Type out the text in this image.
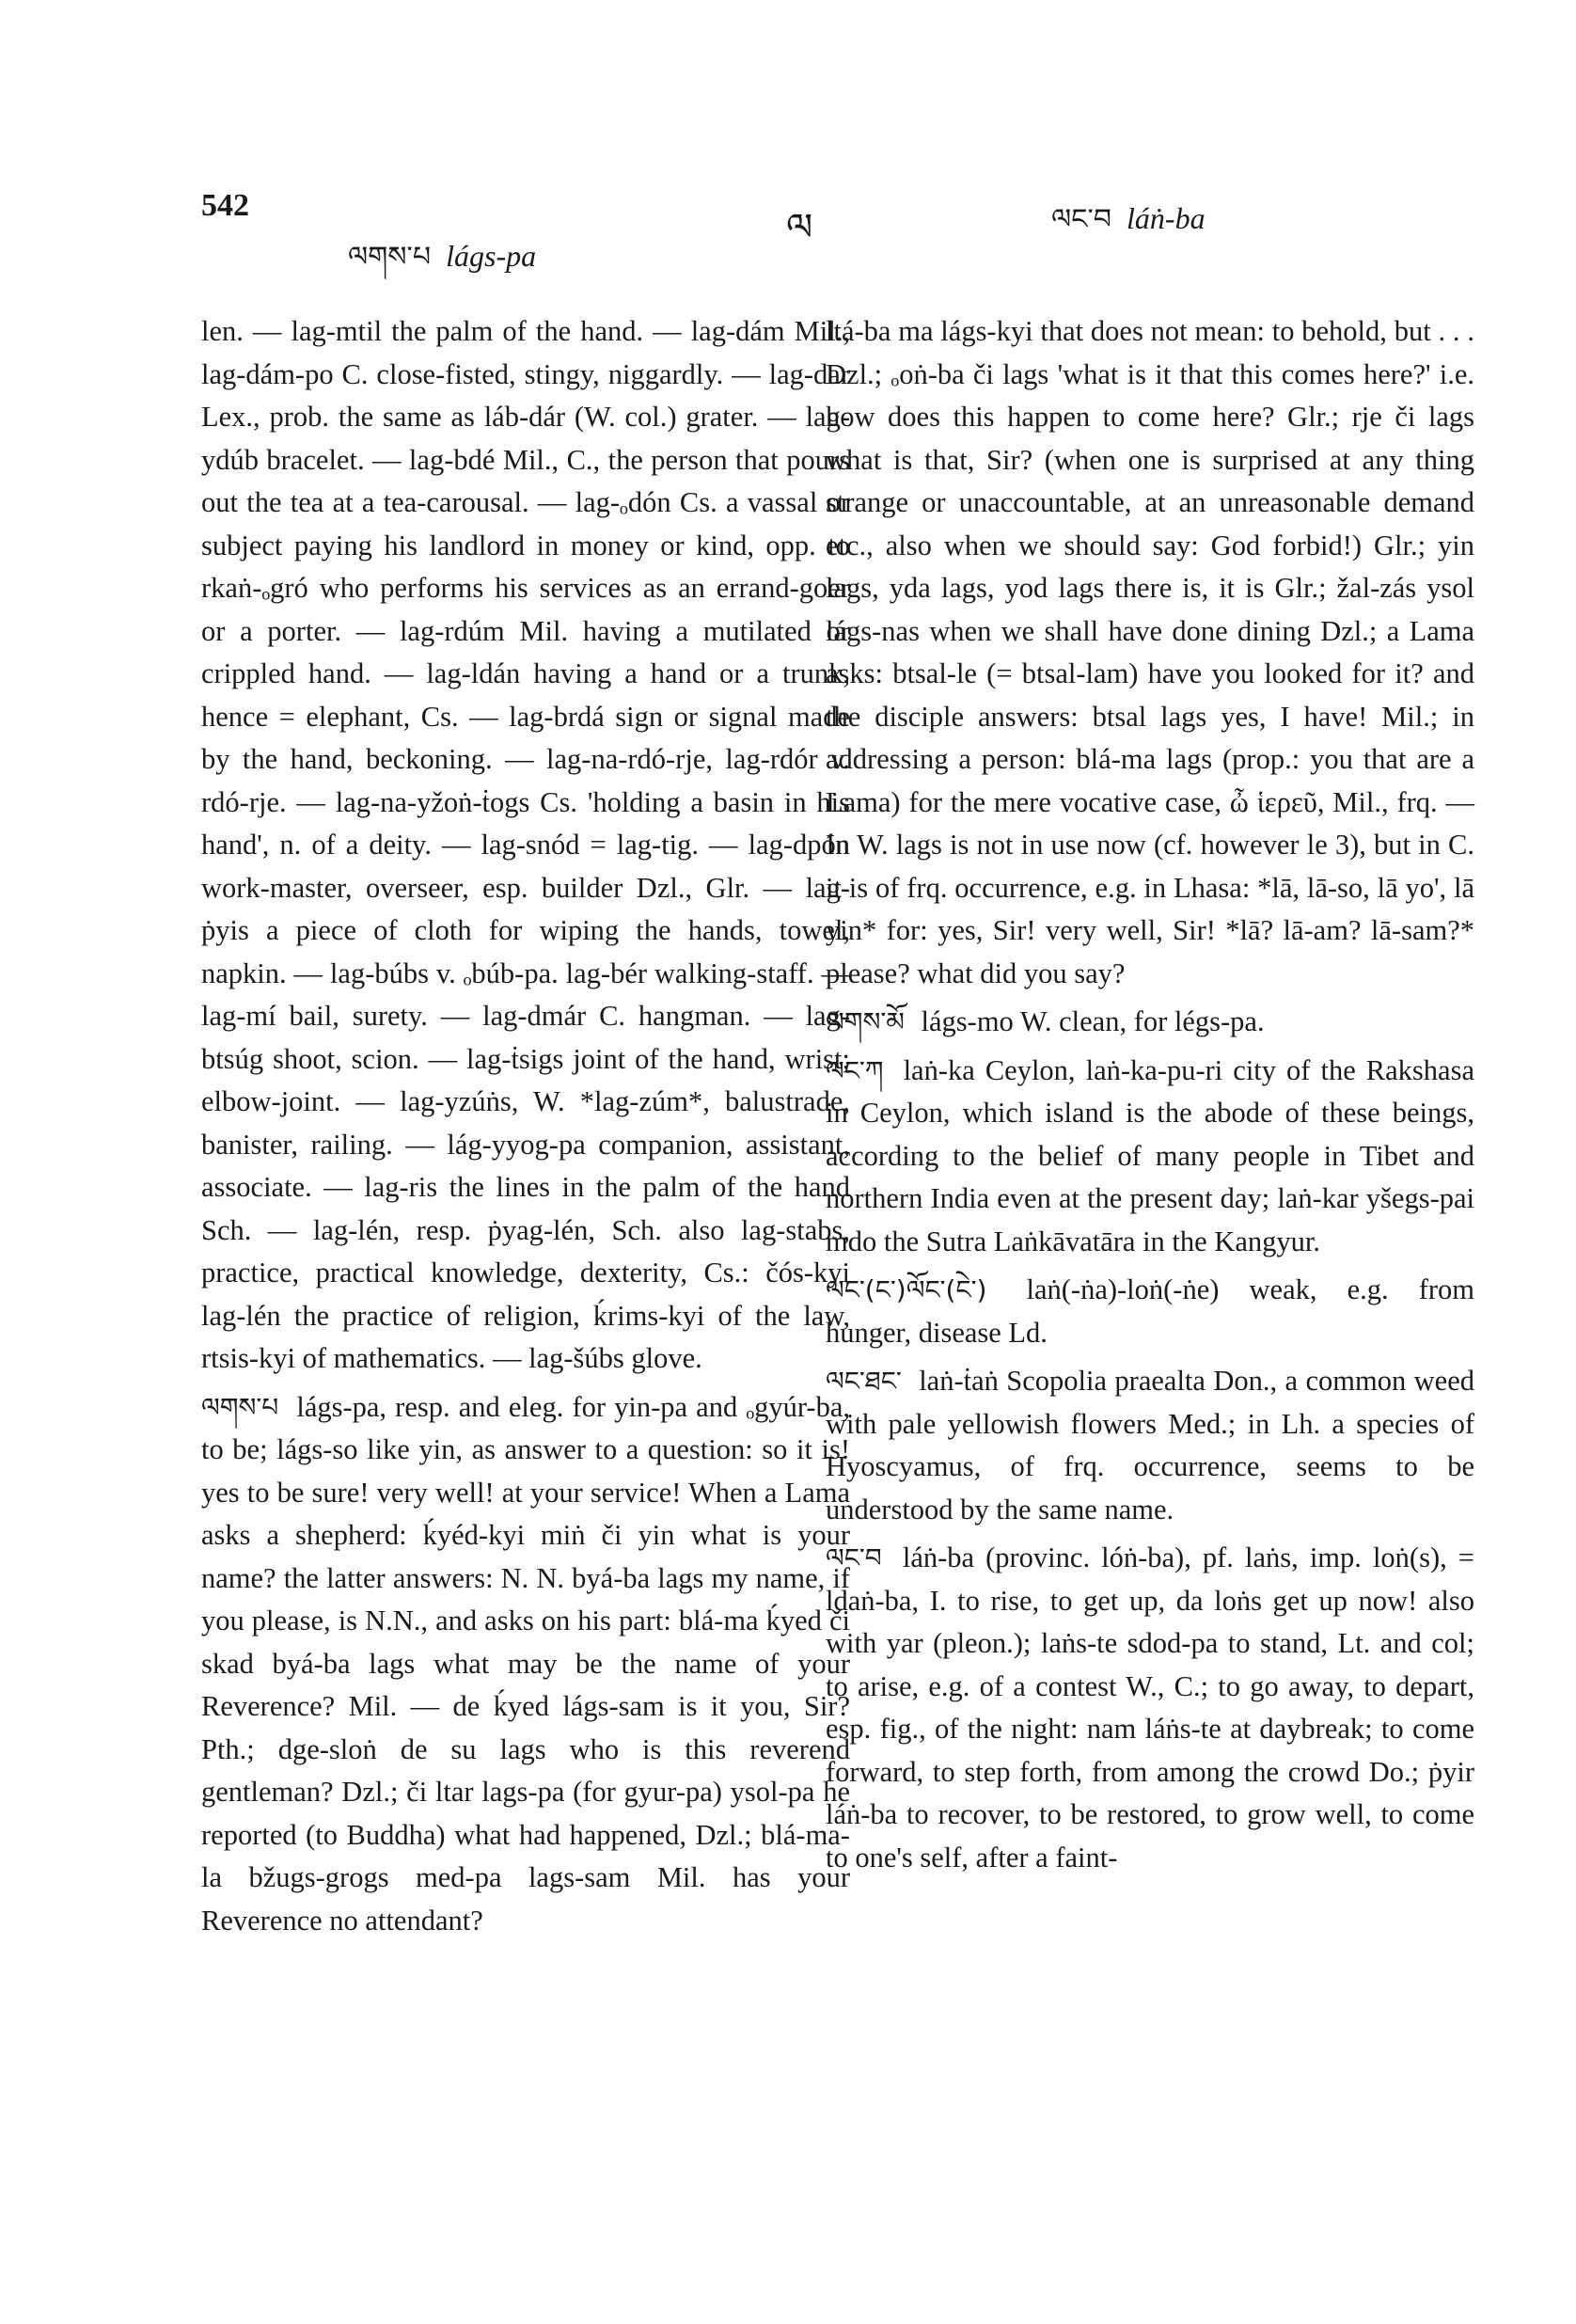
542
ལ
ལགས་པ lágs-pa
ལང་བ láṅ-ba

len. — lag-mtil the palm of the hand. — lag-dám Mil., lag-dám-po C. close-fisted, stingy, niggardly. — lag-dar Lex., prob. the same as láb-dár (W. col.) grater. — lag-ydúb bracelet. — lag-bdé Mil., C., the person that pours out the tea at a tea-carousal. — lag-ₒdón Cs. a vassal or subject paying his landlord in money or kind, opp. to rkaṅ-ₒgró who performs his services as an errand-goer or a porter. — lag-rdúm Mil. having a mutilated or crippled hand. — lag-ldán having a hand or a trunk, hence = elephant, Cs. — lag-brdá sign or signal made by the hand, beckoning. — lag-na-rdó-rje, lag-rdór v. rdó-rje. — lag-na-yžoṅ-ṫogs Cs. 'holding a basin in his hand', n. of a deity. — lag-snód = lag-tig. — lag-dpón work-master, overseer, esp. builder Dzl., Glr. — lag-ṗyis a piece of cloth for wiping the hands, towel, napkin. — lag-búbs v. ₒbúb-pa. lag-bér walking-staff. — lag-mí bail, surety. — lag-dmár C. hangman. — lag-btsúg shoot, scion. — lag-ṫsigs joint of the hand, wrist; elbow-joint. — lag-yzúṅs, W. *lag-zúm*, balustrade, banister, railing. — lág-yyog-pa companion, assistant, associate. — lag-ris the lines in the palm of the hand Sch. — lag-lén, resp. ṗyag-lén, Sch. also lag-stabs, practice, practical knowledge, dexterity, Cs.: čós-kyi lag-lén the practice of religion, ḱrims-kyi of the law, rtsis-kyi of mathematics. — lag-šúbs glove.

ལགས་པ lágs-pa, resp. and eleg. for yin-pa and ₒgyúr-ba, to be; lágs-so like yin, as answer to a question: so it is! yes to be sure! very well! at your service! When a Lama asks a shepherd: ḱyéd-kyi miṅ či yin what is your name? the latter answers: N. N. byá-ba lags my name, if you please, is N.N., and asks on his part: blá-ma ḱyed či skad byá-ba lags what may be the name of your Reverence? Mil. — de ḱyed lágs-sam is it you, Sir? Pth.; dge-sloṅ de su lags who is this reverend gentleman? Dzl.; či ltar lags-pa (for gyur-pa) ysol-pa he reported (to Buddha) what had happened, Dzl.; blá-ma-la bžugs-grogs med-pa lags-sam Mil. has your Reverence no attendant?

ltá-ba ma lágs-kyi that does not mean: to behold, but . . . Dzl.; ₒoṅ-ba či lags 'what is it that this comes here?' i.e. how does this happen to come here? Glr.; rje či lags what is that, Sir? (when one is surprised at any thing strange or unaccountable, at an unreasonable demand etc., also when we should say: God forbid!) Glr.; yin lags, yda lags, yod lags there is, it is Glr.; žal-zás ysol lágs-nas when we shall have done dining Dzl.; a Lama asks: btsal-le (= btsal-lam) have you looked for it? and the disciple answers: btsal lags yes, I have! Mil.; in addressing a person: blá-ma lags (prop.: you that are a Lama) for the mere vocative case, ὦ ἱερεῦ, Mil., frq. — In W. lags is not in use now (cf. however le 3), but in C. it is of frq. occurrence, e.g. in Lhasa: *lā, lā-so, lā yo', lā yin* for: yes, Sir! very well, Sir! *lā? lā-am? lā-sam?* please? what did you say?

ལགས་མོ lágs-mo W. clean, for légs-pa.

ལང་ཀ laṅ-ka Ceylon, laṅ-ka-pu-ri city of the Rakshasa in Ceylon, which island is the abode of these beings, according to the belief of many people in Tibet and northern India even at the present day; laṅ-kar yšegs-pai mdo the Sutra Laṅkāvatāra in the Kangyur.

ལང་(ང་)ལོང་(ངེ་) laṅ(-ṅa)-loṅ(-ṅe) weak, e.g. from hunger, disease Ld.

ལང་ཐང་ laṅ-ṫaṅ Scopolia praealta Don., a common weed with pale yellowish flowers Med.; in Lh. a species of Hyoscyamus, of frq. occurrence, seems to be understood by the same name.

ལང་བ láṅ-ba (provinc. lóṅ-ba), pf. laṅs, imp. loṅ(s), = ldaṅ-ba, I. to rise, to get up, da loṅs get up now! also with yar (pleon.); laṅs-te sdod-pa to stand, Lt. and col; to arise, e.g. of a contest W., C.; to go away, to depart, esp. fig., of the night: nam láṅs-te at daybreak; to come forward, to step forth, from among the crowd Do.; ṗyir láṅ-ba to recover, to be restored, to grow well, to come to one's self, after a faint-
